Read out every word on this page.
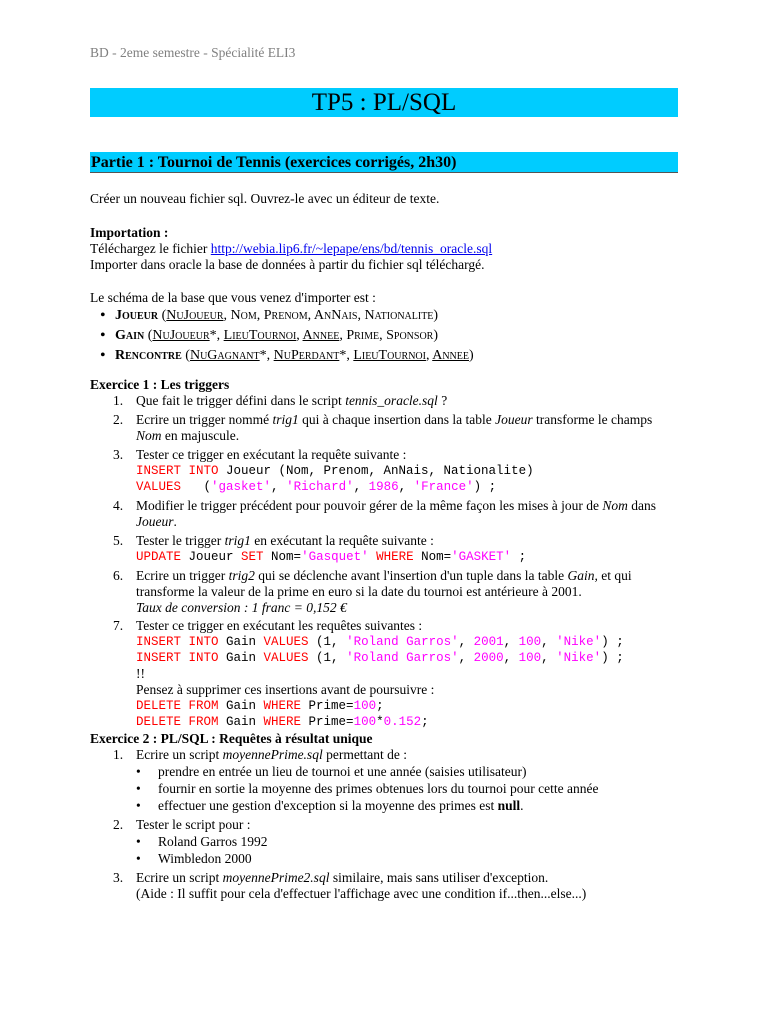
BD - 2eme semestre - Spécialité ELI3
TP5 : PL/SQL
Partie 1 : Tournoi de Tennis (exercices corrigés, 2h30)
Créer un nouveau fichier sql. Ouvrez-le avec un éditeur de texte.
Importation :
Téléchargez le fichier http://webia.lip6.fr/~lepape/ens/bd/tennis_oracle.sql
Importer dans oracle la base de données à partir du fichier sql téléchargé.
Le schéma de la base que vous venez d'importer est :
• Joueur (NuJoueur, Nom, Prenom, AnNais, Nationalite)
• Gain (NuJoueur*, LieuTournoi, Annee, Prime, Sponsor)
• Rencontre (NuGagnant*, NuPerdant*, LieuTournoi, Annee)
Exercice 1 : Les triggers
1. Que fait le trigger défini dans le script tennis_oracle.sql ?
2. Ecrire un trigger nommé trig1 qui à chaque insertion dans la table Joueur transforme le champs
Nom en majuscule.
3. Tester ce trigger en exécutant la requête suivante :
INSERT INTO Joueur (Nom, Prenom, AnNais, Nationalite)
VALUES   ('gasket', 'Richard', 1986, 'France') ;
4. Modifier le trigger précédent pour pouvoir gérer de la même façon les mises à jour de Nom dans
Joueur.
5. Tester le trigger trig1 en exécutant la requête suivante :
UPDATE Joueur SET Nom='Gasquet' WHERE Nom='GASKET' ;
6. Ecrire un trigger trig2 qui se déclenche avant l'insertion d'un tuple dans la table Gain, et qui
transforme la valeur de la prime en euro si la date du tournoi est antérieure à 2001.
Taux de conversion : 1 franc = 0,152 €
7. Tester ce trigger en exécutant les requêtes suivantes :
INSERT INTO Gain VALUES (1, 'Roland Garros', 2001, 100, 'Nike') ;
INSERT INTO Gain VALUES (1, 'Roland Garros', 2000, 100, 'Nike') ;
!!
Pensez à supprimer ces insertions avant de poursuivre :
DELETE FROM Gain WHERE Prime=100;
DELETE FROM Gain WHERE Prime=100*0.152;
Exercice 2 : PL/SQL : Requêtes à résultat unique
1. Ecrire un script moyennePrime.sql permettant de :
• prendre en entrée un lieu de tournoi et une année (saisies utilisateur)
• fournir en sortie la moyenne des primes obtenues lors du tournoi pour cette année
• effectuer une gestion d'exception si la moyenne des primes est null.
2. Tester le script pour :
• Roland Garros 1992
• Wimbledon 2000
3. Ecrire un script moyennePrime2.sql similaire, mais sans utiliser d'exception.
(Aide : Il suffit pour cela d'effectuer l'affichage avec une condition if...then...else...)
